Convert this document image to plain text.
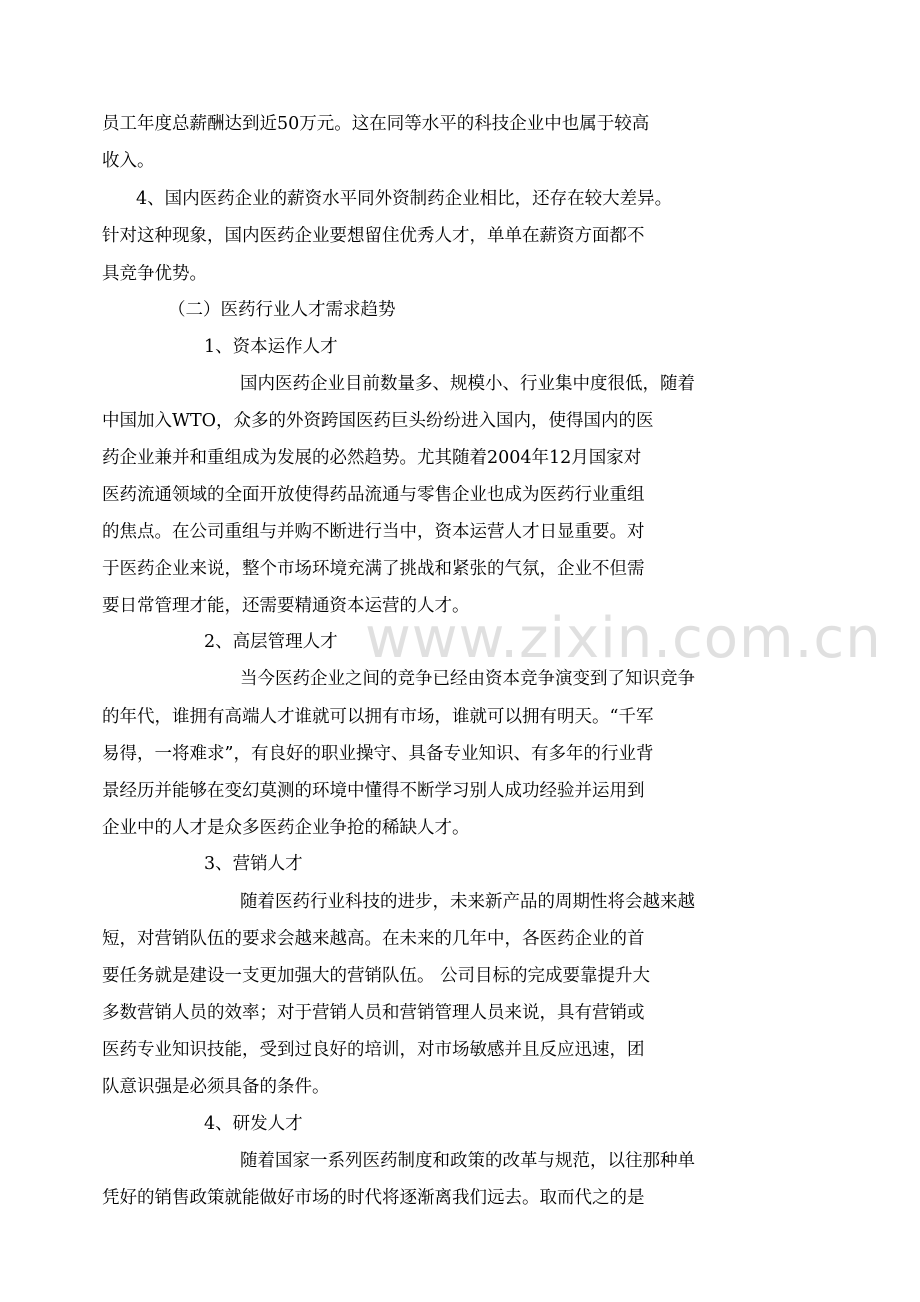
www.zixin.com.cn
员工年度总薪酬达到近50万元。这在同等水平的科技企业中也属于较高
收入。
4、国内医药企业的薪资水平同外资制药企业相比，还存在较大差异。
针对这种现象，国内医药企业要想留住优秀人才，单单在薪资方面都不
具竞争优势。
（二）医药行业人才需求趋势
1、资本运作人才
国内医药企业目前数量多、规模小、行业集中度很低，随着
中国加入WTO，众多的外资跨国医药巨头纷纷进入国内，使得国内的医
药企业兼并和重组成为发展的必然趋势。尤其随着2004年12月国家对
医药流通领域的全面开放使得药品流通与零售企业也成为医药行业重组
的焦点。在公司重组与并购不断进行当中，资本运营人才日显重要。对
于医药企业来说，整个市场环境充满了挑战和紧张的气氛，企业不但需
要日常管理才能，还需要精通资本运营的人才。
2、高层管理人才
当今医药企业之间的竞争已经由资本竞争演变到了知识竞争
的年代，谁拥有高端人才谁就可以拥有市场，谁就可以拥有明天。“千军
易得，一将难求”，有良好的职业操守、具备专业知识、有多年的行业背
景经历并能够在变幻莫测的环境中懂得不断学习别人成功经验并运用到
企业中的人才是众多医药企业争抢的稀缺人才。
3、营销人才
随着医药行业科技的进步，未来新产品的周期性将会越来越
短，对营销队伍的要求会越来越高。在未来的几年中，各医药企业的首
要任务就是建设一支更加强大的营销队伍。 公司目标的完成要靠提升大
多数营销人员的效率；对于营销人员和营销管理人员来说，具有营销或
医药专业知识技能，受到过良好的培训，对市场敏感并且反应迅速，团
队意识强是必须具备的条件。
4、研发人才
随着国家一系列医药制度和政策的改革与规范，以往那种单
凭好的销售政策就能做好市场的时代将逐渐离我们远去。取而代之的是
